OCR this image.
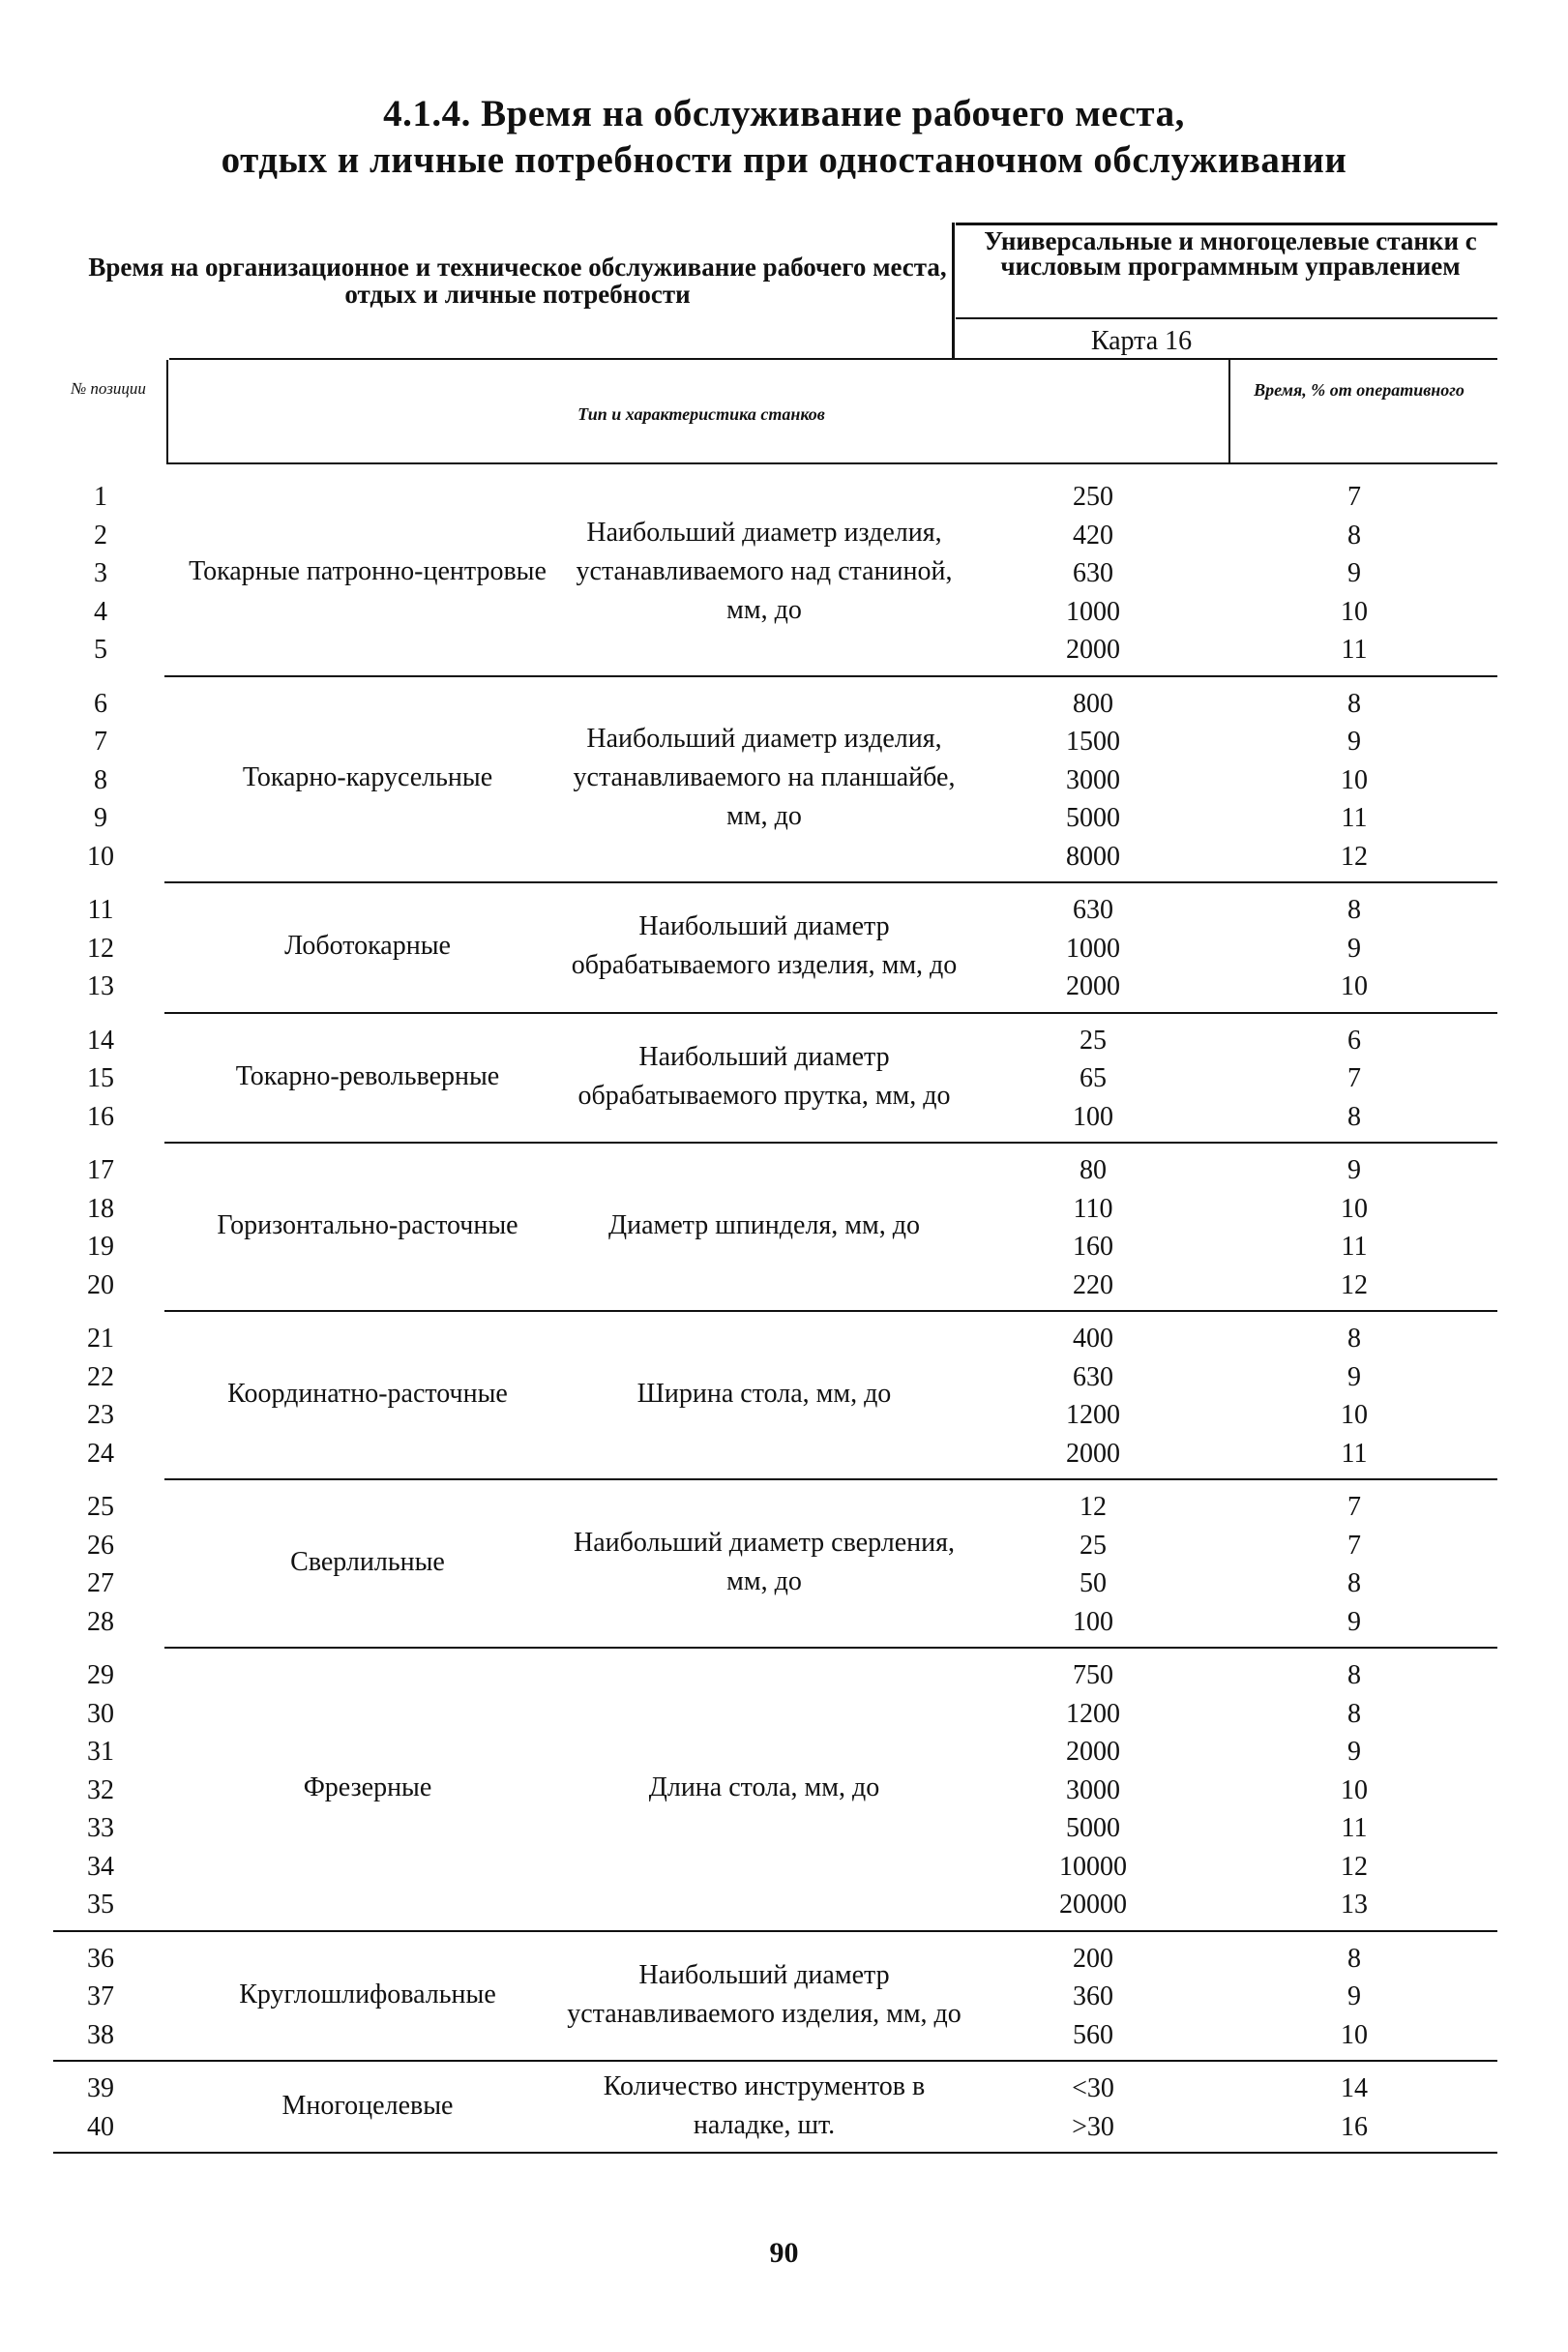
4.1.4. Время на обслуживание рабочего места,
отдых и личные потребности при одностаночном обслуживании
Время на организационное и техническое обслуживание рабочего места, отдых и личные потребности
Универсальные и многоцелевые станки с числовым программным управлением
Карта 16
№ позиции
Тип и характеристика станков
Время, % от оперативного
1	250	7
2	420	8
3	630	9
4	1000	10
5	2000	11
Токарные патронно-центровые
Наибольший диаметр изделия, устанавливаемого над станиной, мм, до
6	800	8
7	1500	9
8	3000	10
9	5000	11
10	8000	12
Токарно-карусельные
Наибольший диаметр изделия, устанавливаемого на планшайбе, мм, до
11	630	8
12	1000	9
13	2000	10
Лоботокарные
Наибольший диаметр обрабатываемого изделия, мм, до
14	25	6
15	65	7
16	100	8
Токарно-револьверные
Наибольший диаметр обрабатываемого прутка, мм, до
17	80	9
18	110	10
19	160	11
20	220	12
Горизонтально-расточные	Диаметр шпинделя, мм, до
21	400	8
22	630	9
23	1200	10
24	2000	11
Координатно-расточные	Ширина стола, мм, до
25	12	7
26	25	7
27	50	8
28	100	9
Сверлильные
Наибольший диаметр сверления, мм, до
29	750	8
30	1200	8
31	2000	9
32	3000	10
33	5000	11
34	10000	12
35	20000	13
Фрезерные	Длина стола, мм, до
36	200	8
37	360	9
38	560	10
Круглошлифовальные
Наибольший диаметр устанавливаемого изделия, мм, до
39	<30	14
40	>30	16
Многоцелевые
Количество инструментов в наладке, шт.
90
